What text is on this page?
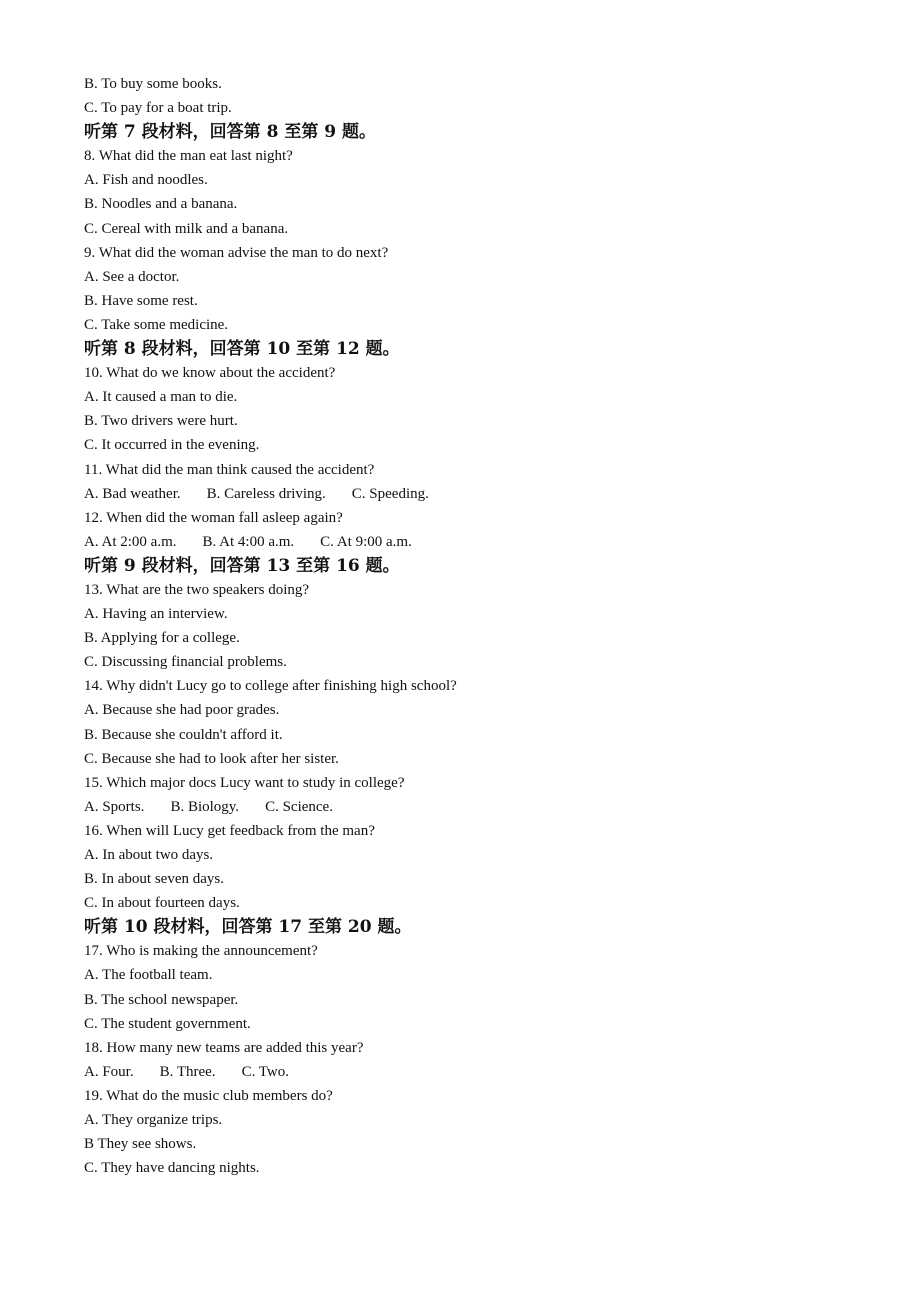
B. To buy some books.
C. To pay for a boat trip.
听第 7 段材料，回答第 8 至第 9 题。
8. What did the man eat last night?
A. Fish and noodles.
B. Noodles and a banana.
C. Cereal with milk and a banana.
9. What did the woman advise the man to do next?
A. See a doctor.
B. Have some rest.
C. Take some medicine.
听第 8 段材料，回答第 10 至第 12 题。
10. What do we know about the accident?
A. It caused a man to die.
B. Two drivers were hurt.
C. It occurred in the evening.
11. What did the man think caused the accident?
A. Bad weather. B. Careless driving. C. Speeding.
12. When did the woman fall asleep again?
A. At 2:00 a.m. B. At 4:00 a.m. C. At 9:00 a.m.
听第 9 段材料，回答第 13 至第 16 题。
13. What are the two speakers doing?
A. Having an interview.
B. Applying for a college.
C. Discussing financial problems.
14. Why didn't Lucy go to college after finishing high school?
A. Because she had poor grades.
B. Because she couldn't afford it.
C. Because she had to look after her sister.
15. Which major docs Lucy want to study in college?
A. Sports. B. Biology. C. Science.
16. When will Lucy get feedback from the man?
A. In about two days.
B. In about seven days.
C. In about fourteen days.
听第 10 段材料，回答第 17 至第 20 题。
17. Who is making the announcement?
A. The football team.
B. The school newspaper.
C. The student government.
18. How many new teams are added this year?
A. Four. B. Three. C. Two.
19. What do the music club members do?
A. They organize trips.
B They see shows.
C. They have dancing nights.
